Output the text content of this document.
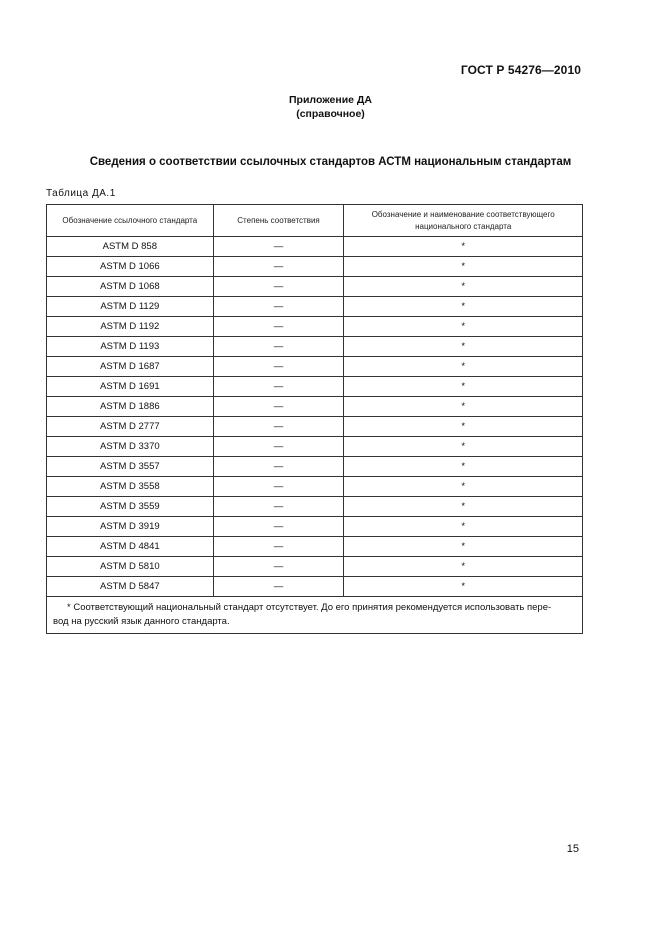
ГОСТ Р 54276—2010
Приложение ДА
(справочное)
Сведения о соответствии ссылочных стандартов АСТМ национальным стандартам
Таблица ДА.1
Обозначение ссылочного стандарта	Степень соответствия	Обозначение и наименование соответствующего национального стандарта
ASTM D 858	—	*
ASTM D 1066	—	*
ASTM D 1068	—	*
ASTM D 1129	—	*
ASTM D 1192	—	*
ASTM D 1193	—	*
ASTM D 1687	—	*
ASTM D 1691	—	*
ASTM D 1886	—	*
ASTM D 2777	—	*
ASTM D 3370	—	*
ASTM D 3557	—	*
ASTM D 3558	—	*
ASTM D 3559	—	*
ASTM D 3919	—	*
ASTM D 4841	—	*
ASTM D 5810	—	*
ASTM D 5847	—	*

* Соответствующий национальный стандарт отсутствует. До его принятия рекомендуется использовать пере-
вод на русский язык данного стандарта.		
15
